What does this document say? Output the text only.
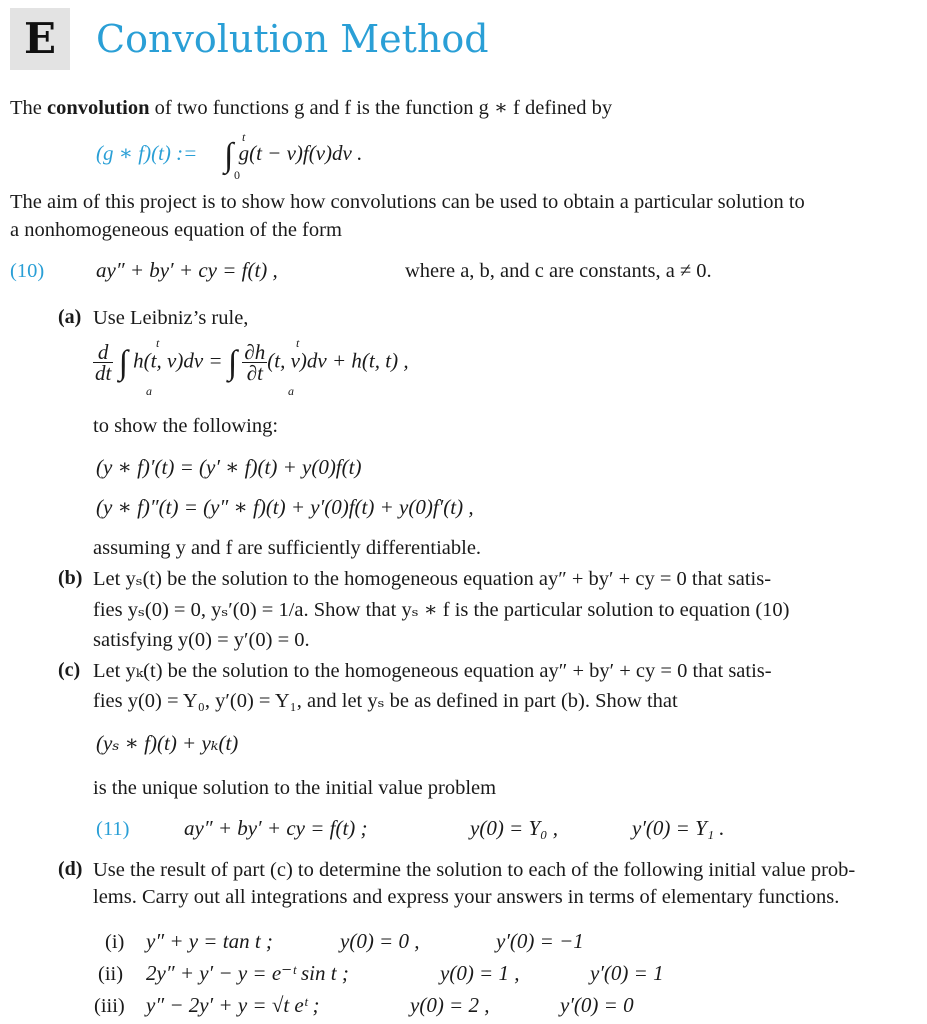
E	Convolution Method
The convolution of two functions g and f is the function g ∗ f defined by
(g ∗ f)(t) := ∫ g(t − v)f(v)dv .
t
0
The aim of this project is to show how convolutions can be used to obtain a particular solution to
a nonhomogeneous equation of the form
(10) ay″ + by′ + cy = f(t) ,	where a, b, and c are constants, a ≠ 0.
(a) Use Leibniz’s rule,
$\frac{d}{dt}$ ∫ h(t, v)dv = ∫ $\frac{\partial h}{\partial t} (t$, v)dv + h(t, t) ,
t
a
t
a
to show the following:
(y ∗ f)′(t) = (y′ ∗ f)(t) + y(0)f(t)
(y ∗ f)″(t) = (y″ ∗ f)(t) + y′(0)f(t) + y(0)f′(t) ,
assuming y and f are sufficiently differentiable.
(b) Let yₛ(t) be the solution to the homogeneous equation ay″ + by′ + cy = 0 that satis-
fies yₛ(0) = 0, yₛ′(0) = 1/a. Show that yₛ ∗ f is the particular solution to equation (10)
satisfying y(0) = y′(0) = 0.
(c) Let yₖ(t) be the solution to the homogeneous equation ay″ + by′ + cy = 0 that satis-
fies y(0) = Y₀, y′(0) = Y₁, and let yₛ be as defined in part (b). Show that
(yₛ ∗ f)(t) + yₖ(t)
is the unique solution to the initial value problem
(11)	ay″ + by′ + cy = f(t) ;	y(0) = Y₀ ,	y′(0) = Y₁ .
(d) Use the result of part (c) to determine the solution to each of the following initial value prob-
lems. Carry out all integrations and express your answers in terms of elementary functions.
(i) y″ + y = tan t ;	y(0) = 0 ,	y′(0) = −1
(ii) 2y″ + y′ − y = e⁻ᵗ sin t ;	y(0) = 1 ,	y′(0) = 1
(iii) y″ − 2y′ + y = √t eᵗ ;	y(0) = 2 ,	y′(0) = 0
